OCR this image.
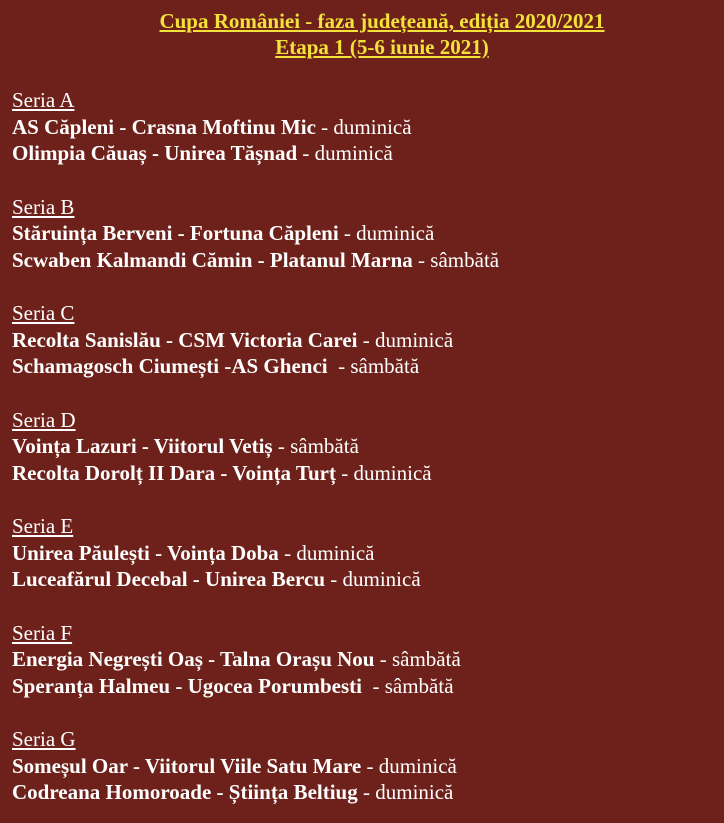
Cupa României - faza județeană, ediția 2020/2021
Etapa 1 (5-6 iunie 2021)
Seria A
AS Căpleni - Crasna Moftinu Mic - duminică
Olimpia Căuaș - Unirea Tășnad - duminică
Seria B
Stăruința Berveni - Fortuna Căpleni - duminică
Scwaben Kalmandi Cămin - Platanul Marna - sâmbătă
Seria C
Recolta Sanislău - CSM Victoria Carei - duminică
Schamagosch Ciumești -AS Ghenci  - sâmbătă
Seria D
Voința Lazuri - Viitorul Vetiș - sâmbătă
Recolta Dorolț II Dara - Voința Turț - duminică
Seria E
Unirea Păulești - Voința Doba - duminică
Luceafărul Decebal - Unirea Bercu - duminică
Seria F
Energia Negrești Oaș - Talna Orașu Nou - sâmbătă
Speranța Halmeu - Ugocea Porumbesti  - sâmbătă
Seria G
Someșul Oar - Viitorul Viile Satu Mare - duminică
Codreana Homoroade - Știința Beltiug - duminică
